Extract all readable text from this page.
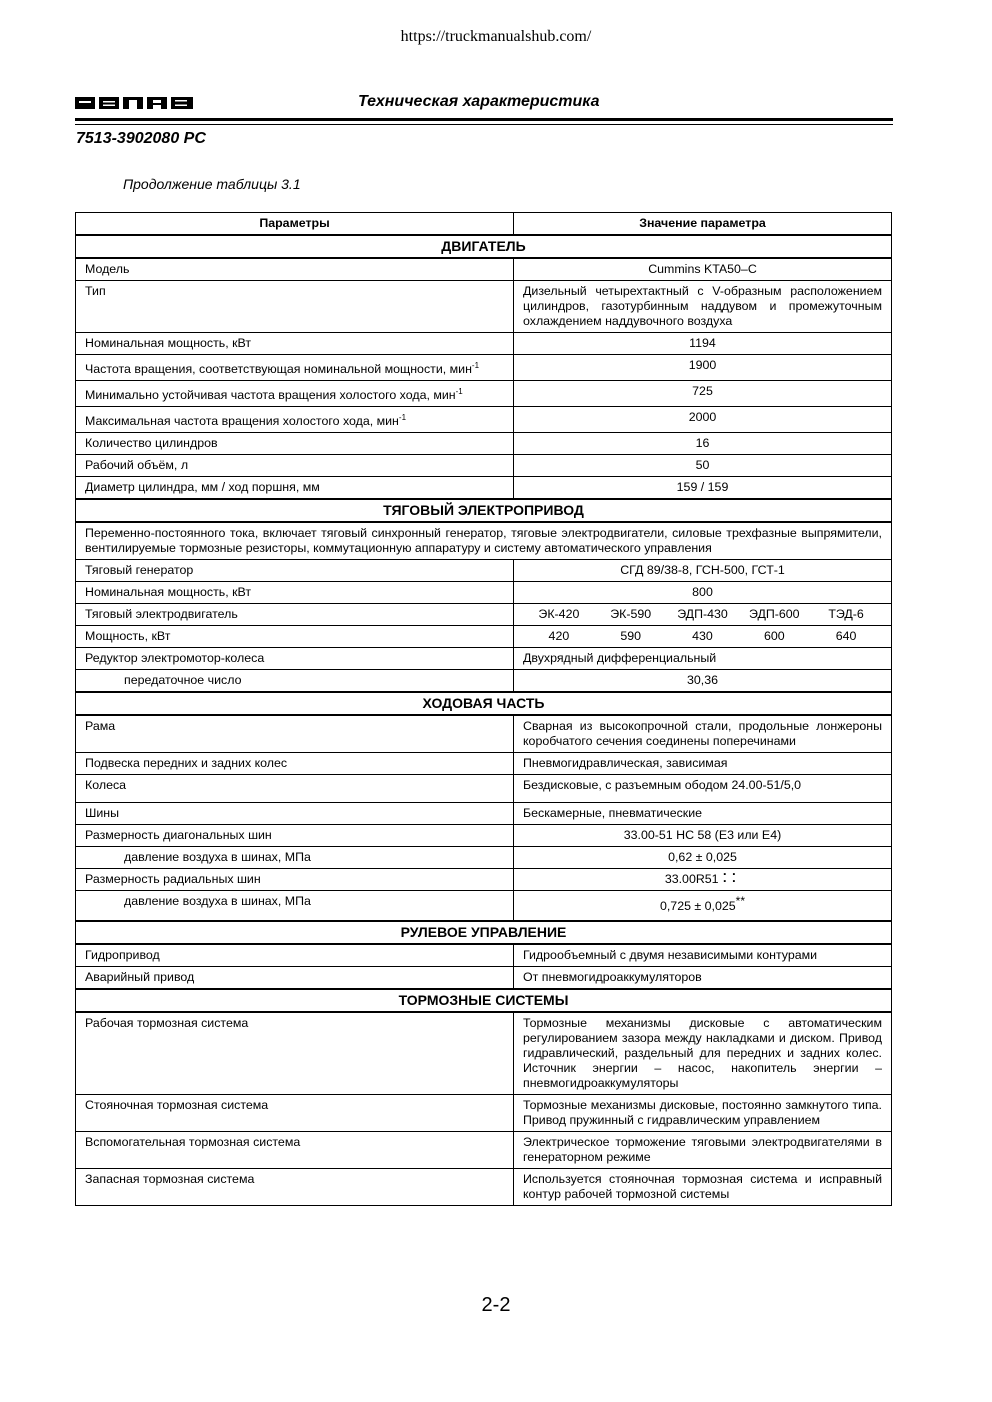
https://truckmanualshub.com/
Техническая характеристика
7513-3902080 РС
Продолжение таблицы 3.1
Параметры	Значение параметра
ДВИГАТЕЛЬ	
Модель	Cummins KTA50–C
Тип	Дизельный четырехтактный с V-образным расположением цилиндров, газотурбинным наддувом и промежуточным охлаждением наддувочного воздуха
Номинальная мощность, кВт	1194
Частота вращения, соответствующая номинальной мощности, мин$^{-1}$	1900
Минимально устойчивая частота вращения холостого хода, мин$^{-1}$	725
Максимальная частота вращения холостого хода, мин$^{-1}$	2000
Количество цилиндров	16
Рабочий объём, л	50
Диаметр цилиндра, мм / ход поршня, мм	159 / 159
ТЯГОВЫЙ ЭЛЕКТРОПРИВОД	
Переменно-постоянного тока, включает тяговый синхронный генератор, тяговые электродвигатели, силовые трехфазные выпрямители, вентилируемые тормозные резисторы, коммутационную аппаратуру и систему автоматического управления	
Тяговый генератор	СГД 89/38-8, ГСН-500, ГСТ-1
Номинальная мощность, кВт	800
Тяговый электродвигатель	ЭК-420 ЭК-590 ЭДП-430 ЭДП-600 ТЭД-6

Мощность, кВт	420 590 430 600 640

Редуктор электромотор-колеса	Двухрядный дифференциальный
передаточное число	30,36
ХОДОВАЯ ЧАСТЬ	
Рама	Сварная из высокопрочной стали, продольные лонжероны коробчатого сечения соединены поперечинами
Подвеска передних и задних колес	Пневмогидравлическая, зависимая
Колеса	Бездисковые, с разъемным ободом 24.00-51/5,0
Шины	Бескамерные, пневматические
Размерность диагональных шин	33.00-51 НС 58 (Е3 или Е4)
давление воздуха в шинах, МПа	0,62 ± 0,025
Размерность радиальных шин	33.00R51 ⠅⠅
давление воздуха в шинах, МПа	0,725 ± 0,025**
РУЛЕВОЕ УПРАВЛЕНИЕ	
Гидропривод	Гидрообъемный с двумя независимыми контурами
Аварийный привод	От пневмогидроаккумуляторов
ТОРМОЗНЫЕ СИСТЕМЫ	
Рабочая тормозная система	Тормозные механизмы дисковые с автоматическим регулированием зазора между накладками и диском. Привод гидравлический, раздельный для передних и задних колес. Источник энергии – насос, накопитель энергии – пневмогидроаккумуляторы
Стояночная тормозная система	Тормозные механизмы дисковые, постоянно замкнутого типа. Привод пружинный с гидравлическим управлением
Вспомогательная тормозная система	Электрическое торможение тяговыми электродвигателями в генераторном режиме
Запасная тормозная система	Используется стояночная тормозная система и исправный контур рабочей тормозной системы
2-2
